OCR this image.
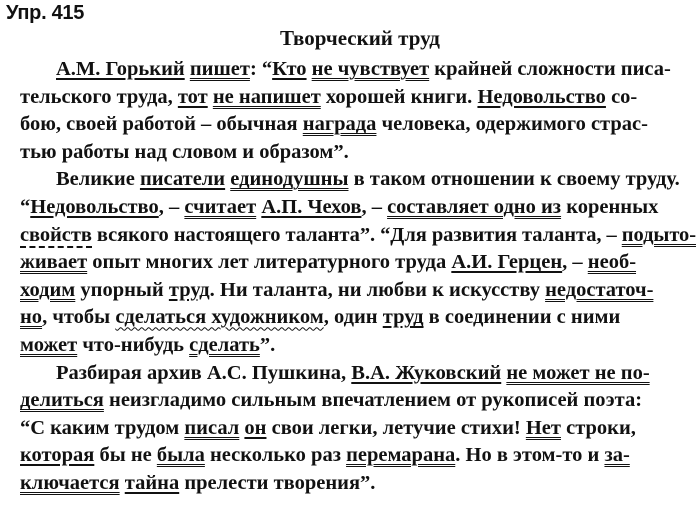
Упр. 415
Творческий труд
А.М. Горький пишет: “Кто не чувствует крайней сложности писа-
тельского труда, тот не напишет хорошей книги. Недовольство со-
бою, своей работой – обычная награда человека, одержимого страс-
тью работы над словом и образом”.
Великие писатели единодушны в таком отношении к своему труду.
“Недовольство, – считает А.П. Чехов, – составляет одно из коренных
свойств всякого настоящего таланта”. “Для развития таланта, – подыто-
живает опыт многих лет литературного труда А.И. Герцен, – необ-
ходим упорный труд. Ни таланта, ни любви к искусству недостаточ-
но, чтобы сделаться художником, один труд в соединении с ними
может что-нибудь сделать”.
Разбирая архив А.С. Пушкина, В.А. Жуковский не может не по-
делиться неизгладимо сильным впечатлением от рукописей поэта:
“С каким трудом писал он свои легки, летучие стихи! Нет строки,
которая бы не была несколько раз перемарана. Но в этом-то и за-
ключается тайна прелести творения”.
